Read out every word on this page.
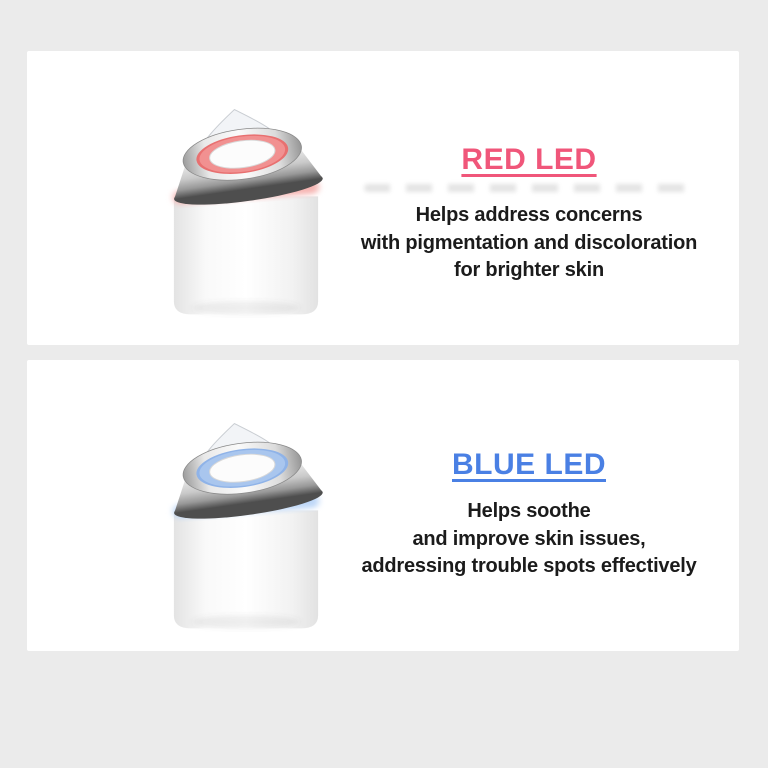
RED LED
Helps address concerns
with pigmentation and discoloration
for brighter skin
BLUE LED
Helps soothe
and improve skin issues,
addressing trouble spots effectively
